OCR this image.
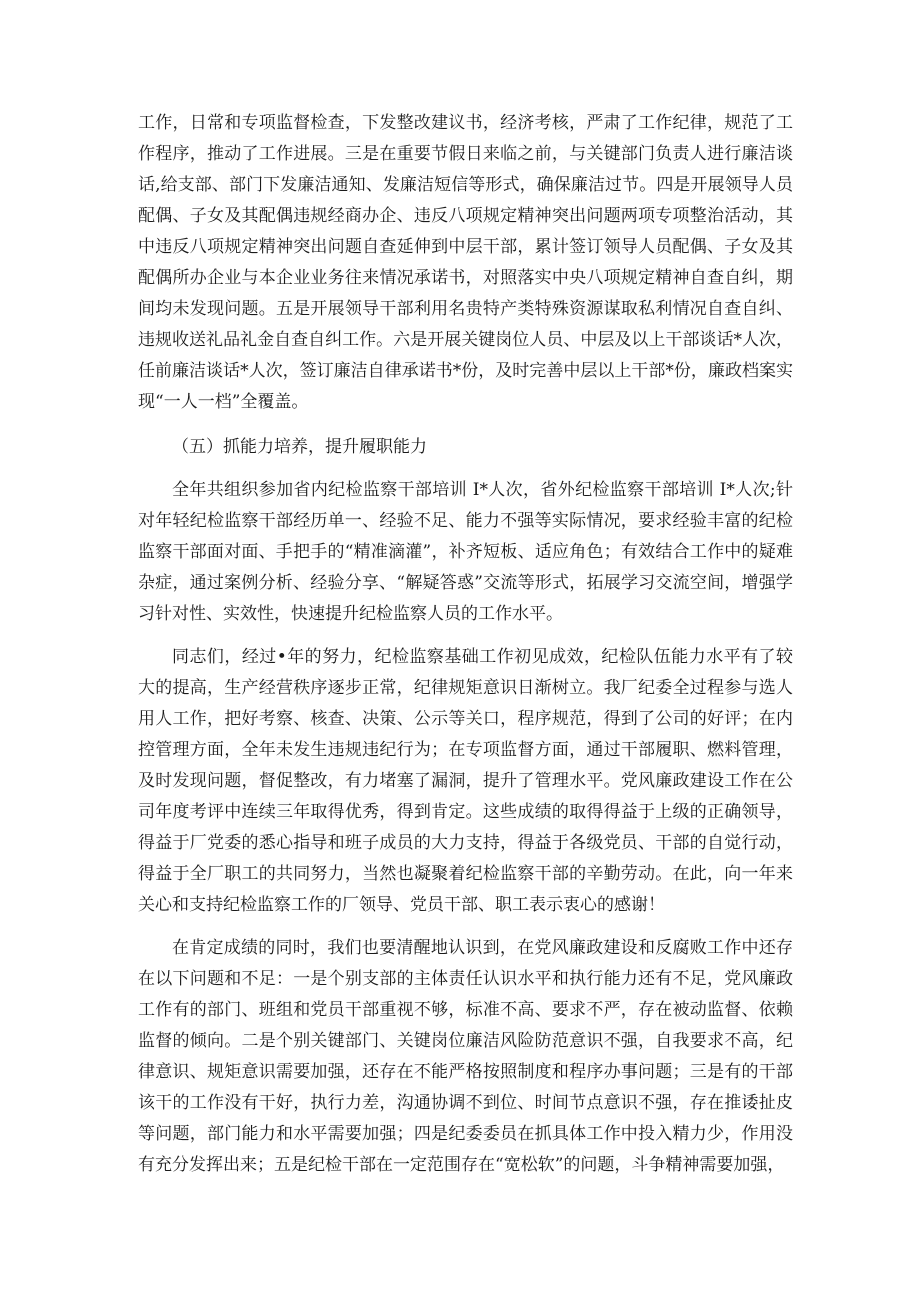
工作，日常和专项监督检查，下发整改建议书，经济考核，严肃了工作纪律，规范了工作程序，推动了工作进展。三是在重要节假日来临之前，与关键部门负责人进行廉洁谈话,给支部、部门下发廉洁通知、发廉洁短信等形式，确保廉洁过节。四是开展领导人员配偶、子女及其配偶违规经商办企、违反八项规定精神突出问题两项专项整治活动，其中违反八项规定精神突出问题自查延伸到中层干部，累计签订领导人员配偶、子女及其配偶所办企业与本企业业务往来情况承诺书，对照落实中央八项规定精神自查自纠，期间均未发现问题。五是开展领导干部利用名贵特产类特殊资源谋取私利情况自查自纠、违规收送礼品礼金自查自纠工作。六是开展关键岗位人员、中层及以上干部谈话*人次，任前廉洁谈话*人次，签订廉洁自律承诺书*份，及时完善中层以上干部*份，廉政档案实现“一人一档”全覆盖。

（五）抓能力培养，提升履职能力

全年共组织参加省内纪检监察干部培训 I*人次，省外纪检监察干部培训 I*人次;针对年轻纪检监察干部经历单一、经验不足、能力不强等实际情况，要求经验丰富的纪检监察干部面对面、手把手的“精准滴灌”，补齐短板、适应角色；有效结合工作中的疑难杂症，通过案例分析、经验分享、“解疑答惑”交流等形式，拓展学习交流空间，增强学习针对性、实效性，快速提升纪检监察人员的工作水平。

同志们，经过•年的努力，纪检监察基础工作初见成效，纪检队伍能力水平有了较大的提高，生产经营秩序逐步正常，纪律规矩意识日渐树立。我厂纪委全过程参与选人用人工作，把好考察、核查、决策、公示等关口，程序规范，得到了公司的好评；在内控管理方面，全年未发生违规违纪行为；在专项监督方面，通过干部履职、燃料管理，及时发现问题，督促整改，有力堵塞了漏洞，提升了管理水平。党风廉政建设工作在公司年度考评中连续三年取得优秀，得到肯定。这些成绩的取得得益于上级的正确领导，得益于厂党委的悉心指导和班子成员的大力支持，得益于各级党员、干部的自觉行动，得益于全厂职工的共同努力，当然也凝聚着纪检监察干部的辛勤劳动。在此，向一年来关心和支持纪检监察工作的厂领导、党员干部、职工表示衷心的感谢！

在肯定成绩的同时，我们也要清醒地认识到，在党风廉政建设和反腐败工作中还存在以下问题和不足：一是个别支部的主体责任认识水平和执行能力还有不足，党风廉政工作有的部门、班组和党员干部重视不够，标准不高、要求不严，存在被动监督、依赖监督的倾向。二是个别关键部门、关键岗位廉洁风险防范意识不强，自我要求不高，纪律意识、规矩意识需要加强，还存在不能严格按照制度和程序办事问题；三是有的干部该干的工作没有干好，执行力差，沟通协调不到位、时间节点意识不强，存在推诿扯皮等问题，部门能力和水平需要加强；四是纪委委员在抓具体工作中投入精力少，作用没有充分发挥出来；五是纪检干部在一定范围存在“宽松软”的问题，斗争精神需要加强，
